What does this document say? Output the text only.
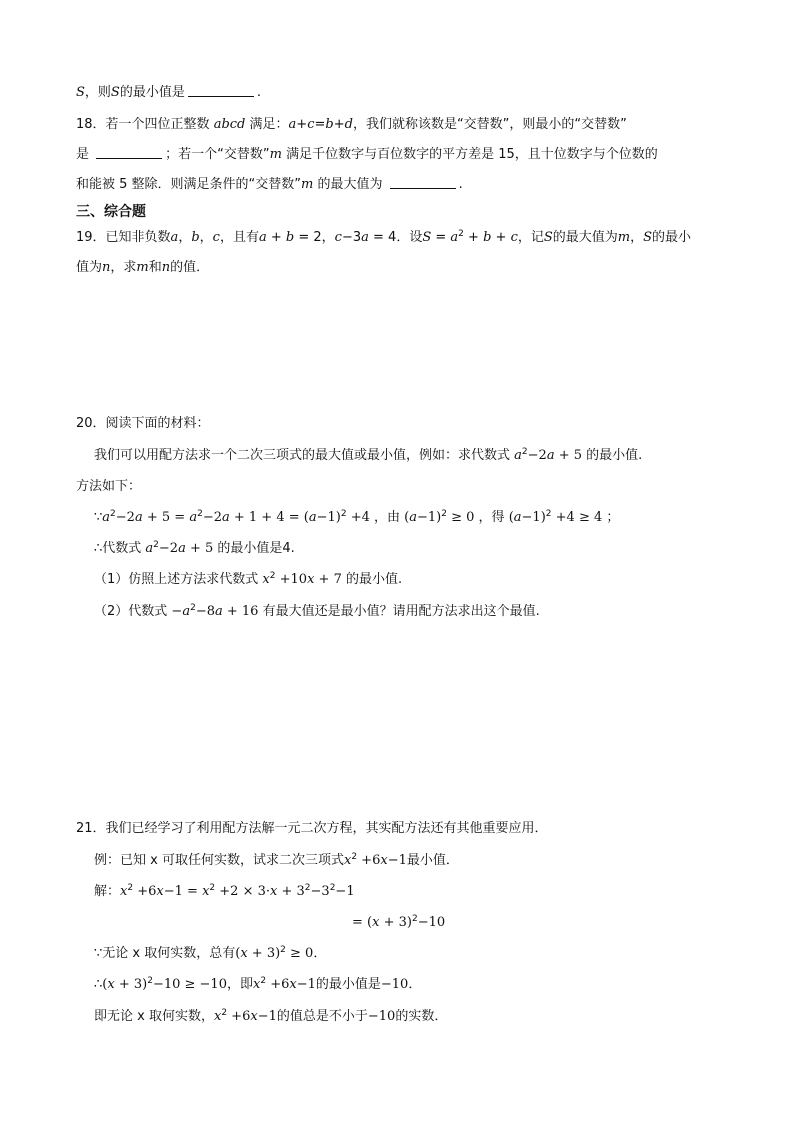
S，则S的最小值是	.
18．若一个四位正整数 abcd 满足：a+c=b+d，我们就称该数是“交替数”，则最小的“交替数”
是	；若一个“交替数”m 满足千位数字与百位数字的平方差是 15，且十位数字与个位数的
和能被 5 整除．则满足条件的“交替数”m 的最大值为	.
三、综合题
19．已知非负数a，b，c，且有a + b = 2，c−3a = 4．设$S = a^2 + b + c$，记S的最大值为m，S的最小
值为n，求m和n的值．
20．阅读下面的材料：
我们可以用配方法求一个二次三项式的最大值或最小值，例如：求代数式 $a^2-2a + 5$ 的最小值.
方法如下：
$\because a^2-2a + 5 = a^2-2a + 1 + 4 = (a-1)^2 +4$ ，由 $(a-1)^2 \ge 0$ ，得 $(a-1)^2 +4 \ge 4$ ；
∴代数式 $a^2-2a + 5$ 的最小值是4.
（1）仿照上述方法求代数式 $x^2 +10x + 7$ 的最小值.
（2）代数式 $-a^2-8a + 16$ 有最大值还是最小值？请用配方法求出这个最值.
21．我们已经学习了利用配方法解一元二次方程，其实配方法还有其他重要应用．
例：已知 x 可取任何实数，试求二次三项式$x^2 +6x-1$最小值．
解：$x^2 +6x-1 = x^2 +2 \times 3\cdot x + 3^2-3^2-1$
= $(x + 3)^2-10$
∵无论 x 取何实数，总有$(x + 3)^2 \ge 0$．
∴(x + 3)$^2$−10 ≥ −10，即$x^2 +6x-1$的最小值是−10．
即无论 x 取何实数，$x^2 +6x-1$的值总是不小于−10的实数．
